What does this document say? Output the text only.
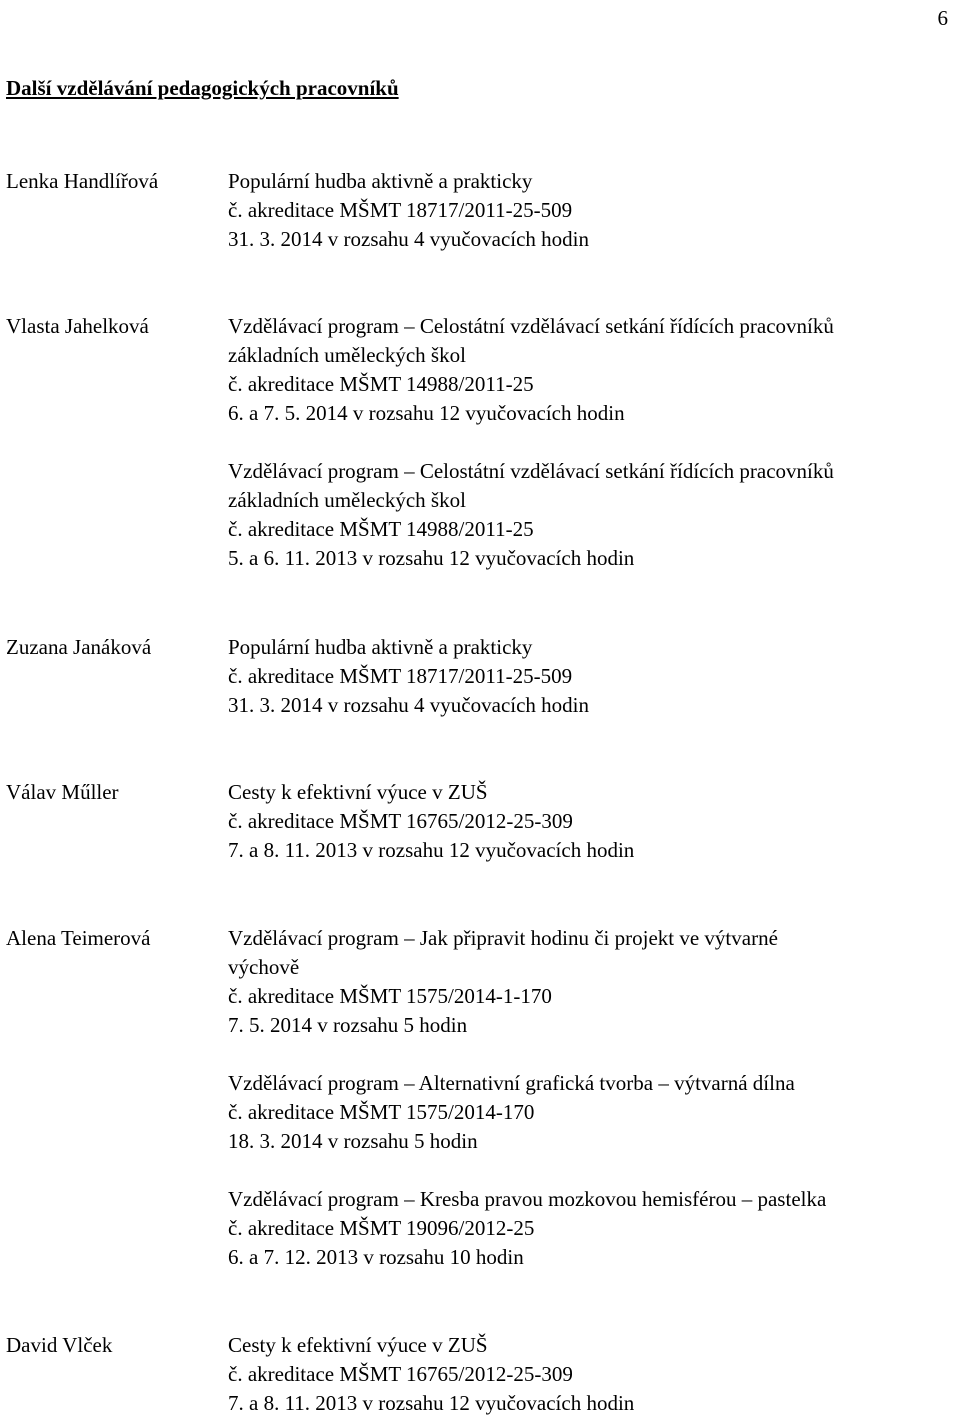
6
Další vzdělávání pedagogických pracovníků
Lenka Handlířová	Populární hudba aktivně a prakticky
č. akreditace MŠMT 18717/2011-25-509
31. 3. 2014 v rozsahu 4 vyučovacích hodin
Vlasta Jahelková	Vzdělávací program – Celostátní vzdělávací setkání řídících pracovníků
základních uměleckých škol
č. akreditace MŠMT 14988/2011-25
6. a 7. 5. 2014 v rozsahu 12 vyučovacích hodin
Vzdělávací program – Celostátní vzdělávací setkání řídících pracovníků
základních uměleckých škol
č. akreditace MŠMT 14988/2011-25
5. a 6. 11. 2013 v rozsahu 12 vyučovacích hodin
Zuzana Janáková	Populární hudba aktivně a prakticky
č. akreditace MŠMT 18717/2011-25-509
31. 3. 2014 v rozsahu 4 vyučovacích hodin
Válav Műller	Cesty k efektivní výuce v ZUŠ
č. akreditace MŠMT 16765/2012-25-309
7. a 8. 11. 2013 v rozsahu 12 vyučovacích hodin
Alena Teimerová	Vzdělávací program – Jak připravit hodinu či projekt ve výtvarné
výchově
č. akreditace MŠMT 1575/2014-1-170
7. 5. 2014 v rozsahu 5 hodin
Vzdělávací program – Alternativní grafická tvorba – výtvarná dílna
č. akreditace MŠMT 1575/2014-170
18. 3. 2014 v rozsahu 5 hodin
Vzdělávací program – Kresba pravou mozkovou hemisférou – pastelka
č. akreditace MŠMT 19096/2012-25
6. a 7. 12. 2013 v rozsahu 10 hodin
David Vlček	Cesty k efektivní výuce v ZUŠ
č. akreditace MŠMT 16765/2012-25-309
7. a 8. 11. 2013 v rozsahu 12 vyučovacích hodin
